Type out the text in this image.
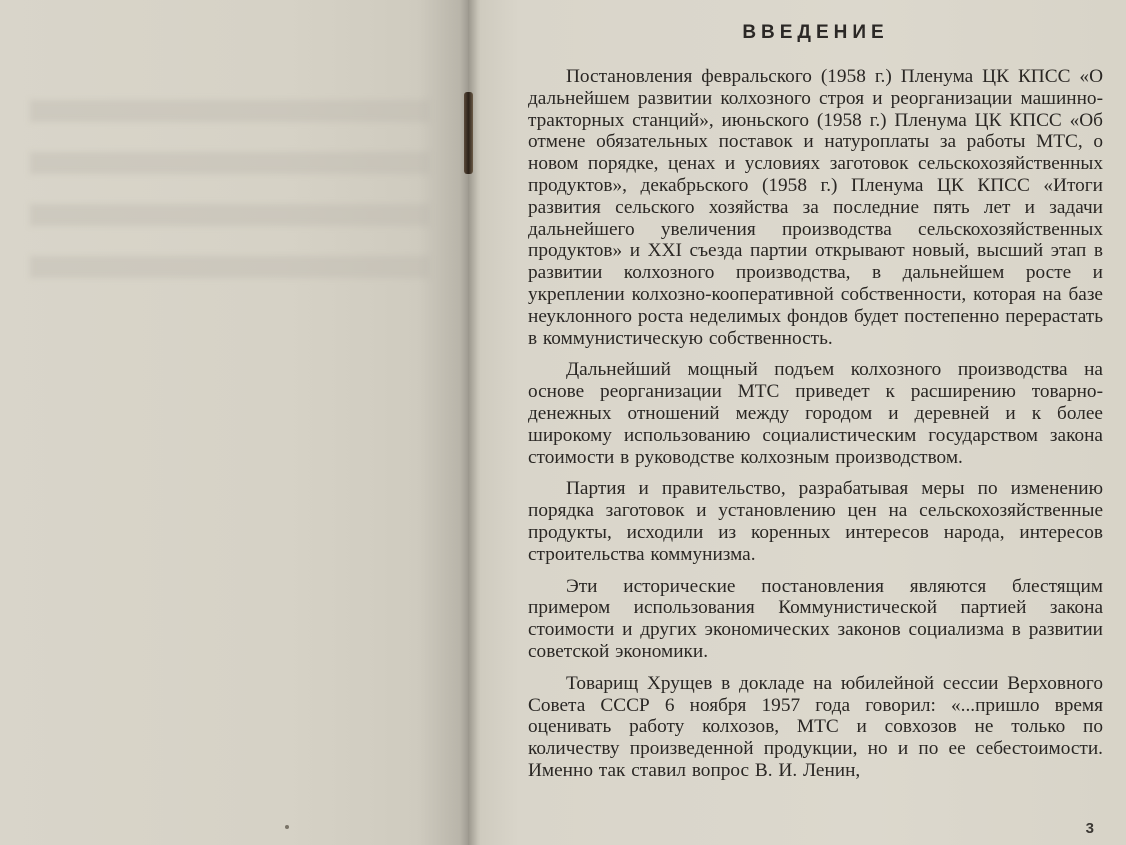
ВВЕДЕНИЕ

Постановления февральского (1958 г.) Пленума ЦК КПСС «О дальнейшем развитии колхозного строя и реорганизации машинно-тракторных станций», июньского (1958 г.) Пленума ЦК КПСС «Об отмене обязательных поставок и натуроплаты за работы МТС, о новом порядке, ценах и условиях заготовок сельскохозяйственных продуктов», декабрьского (1958 г.) Пленума ЦК КПСС «Итоги развития сельского хозяйства за последние пять лет и задачи дальнейшего увеличения производства сельскохозяйственных продуктов» и XXI съезда партии открывают новый, высший этап в развитии колхозного производства, в дальнейшем росте и укреплении колхозно-кооперативной собственности, которая на базе неуклонного роста неделимых фондов будет постепенно перерастать в коммунистическую собственность.

Дальнейший мощный подъем колхозного производства на основе реорганизации МТС приведет к расширению товарно-денежных отношений между городом и деревней и к более широкому использованию социалистическим государством закона стоимости в руководстве колхозным производством.

Партия и правительство, разрабатывая меры по изменению порядка заготовок и установлению цен на сельскохозяйственные продукты, исходили из коренных интересов народа, интересов строительства коммунизма.

Эти исторические постановления являются блестящим примером использования Коммунистической партией закона стоимости и других экономических законов социализма в развитии советской экономики.

Товарищ Хрущев в докладе на юбилейной сессии Верховного Совета СССР 6 ноября 1957 года говорил: «...пришло время оценивать работу колхозов, МТС и совхозов не только по количеству произведенной продукции, но и по ее себестоимости. Именно так ставил вопрос В. И. Ленин,

3
